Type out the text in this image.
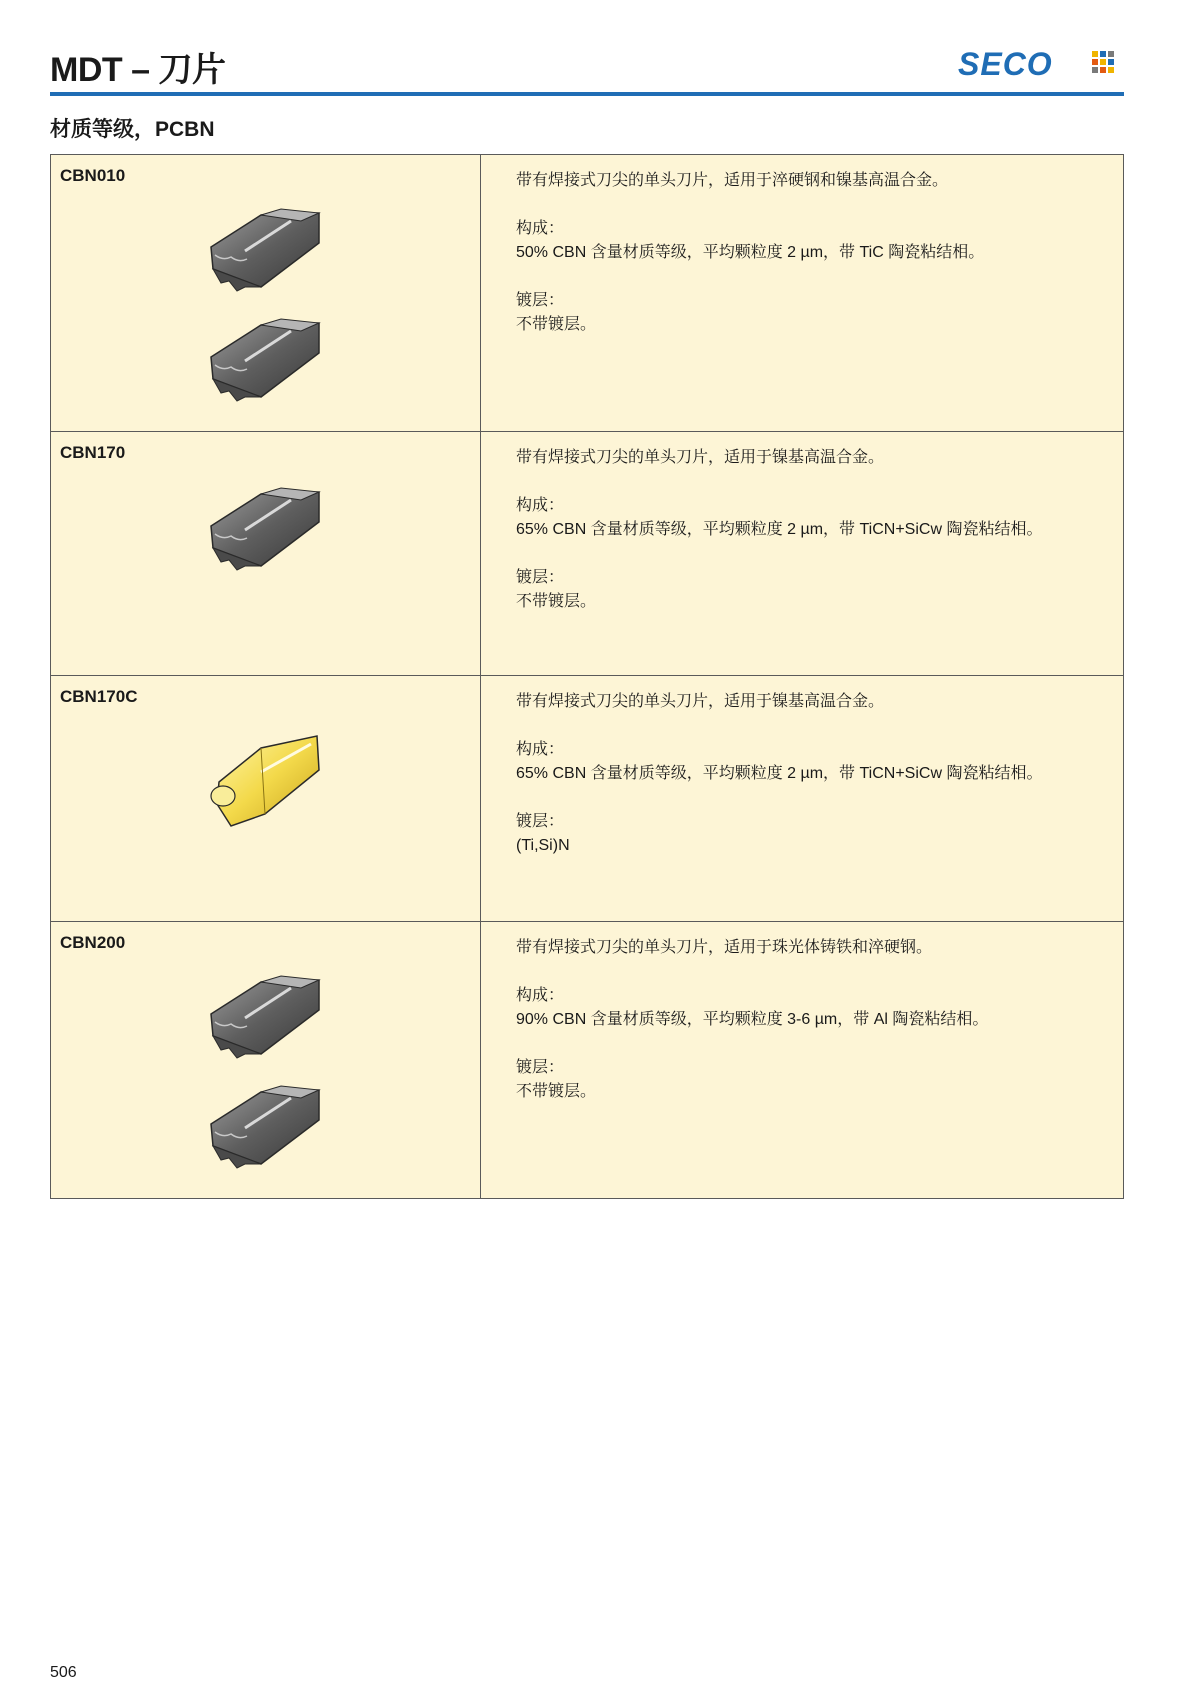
MDT – 刀片	SECO
材质等级，PCBN
CBN010	带有焊接式刀尖的单头刀片，适用于淬硬钢和镍基高温合金。

构成：
50% CBN 含量材质等级，平均颗粒度 2 µm，带 TiC 陶瓷粘结相。

镀层：
不带镀层。

CBN170	带有焊接式刀尖的单头刀片，适用于镍基高温合金。

构成：
65% CBN 含量材质等级，平均颗粒度 2 µm，带 TiCN+SiCw 陶瓷粘结相。

镀层：
不带镀层。

CBN170C	带有焊接式刀尖的单头刀片，适用于镍基高温合金。

构成：
65% CBN 含量材质等级，平均颗粒度 2 µm，带 TiCN+SiCw 陶瓷粘结相。

镀层：
(Ti,Si)N

CBN200	带有焊接式刀尖的单头刀片，适用于珠光体铸铁和淬硬钢。

构成：
90% CBN 含量材质等级，平均颗粒度 3-6 µm，带 Al 陶瓷粘结相。

镀层：
不带镀层。

506
